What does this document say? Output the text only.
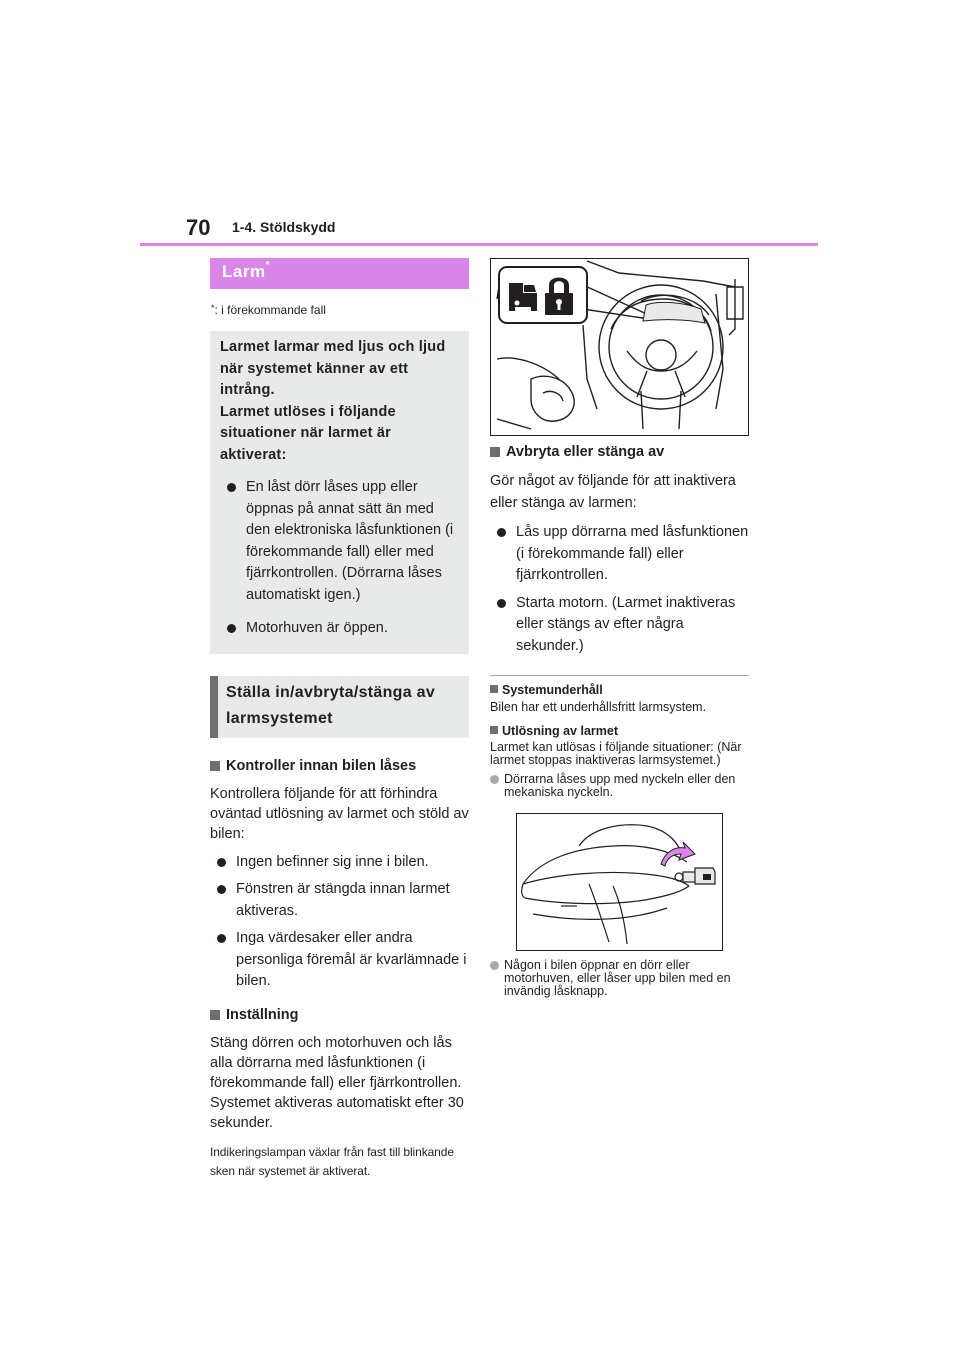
70 1-4. Stöldskydd
Larm*
*: i förekommande fall

Larmet larmar med ljus och ljud när systemet känner av ett intrång.

Larmet utlöses i följande situationer när larmet är aktiverat:

En låst dörr låses upp eller öppnas på annat sätt än med den elektroniska låsfunktionen (i förekommande fall) eller med fjärrkontrollen. (Dörrarna låses automatiskt igen.)
Motorhuven är öppen.
Ställa in/avbryta/stänga av larmsystemet
Kontroller innan bilen låses

Kontrollera följande för att förhindra oväntad utlösning av larmet och stöld av bilen:

Ingen befinner sig inne i bilen.
Fönstren är stängda innan larmet aktiveras.
Inga värdesaker eller andra personliga föremål är kvarlämnade i bilen.
Inställning

Stäng dörren och motorhuven och lås alla dörrarna med låsfunktionen (i förekommande fall) eller fjärrkontrollen. Systemet aktiveras automatiskt efter 30 sekunder.

Indikeringslampan växlar från fast till blinkande sken när systemet är aktiverat.

Avbryta eller stänga av

Gör något av följande för att inaktivera eller stänga av larmen:

Lås upp dörrarna med låsfunktionen (i förekommande fall) eller fjärrkontrollen.
Starta motorn. (Larmet inaktiveras eller stängs av efter några sekunder.)
Systemunderhåll

Bilen har ett underhållsfritt larmsystem.

Utlösning av larmet

Larmet kan utlösas i följande situationer: (När larmet stoppas inaktiveras larmsystemet.)

Dörrarna låses upp med nyckeln eller den mekaniska nyckeln.

Någon i bilen öppnar en dörr eller motorhuven, eller låser upp bilen med en invändig låsknapp.
